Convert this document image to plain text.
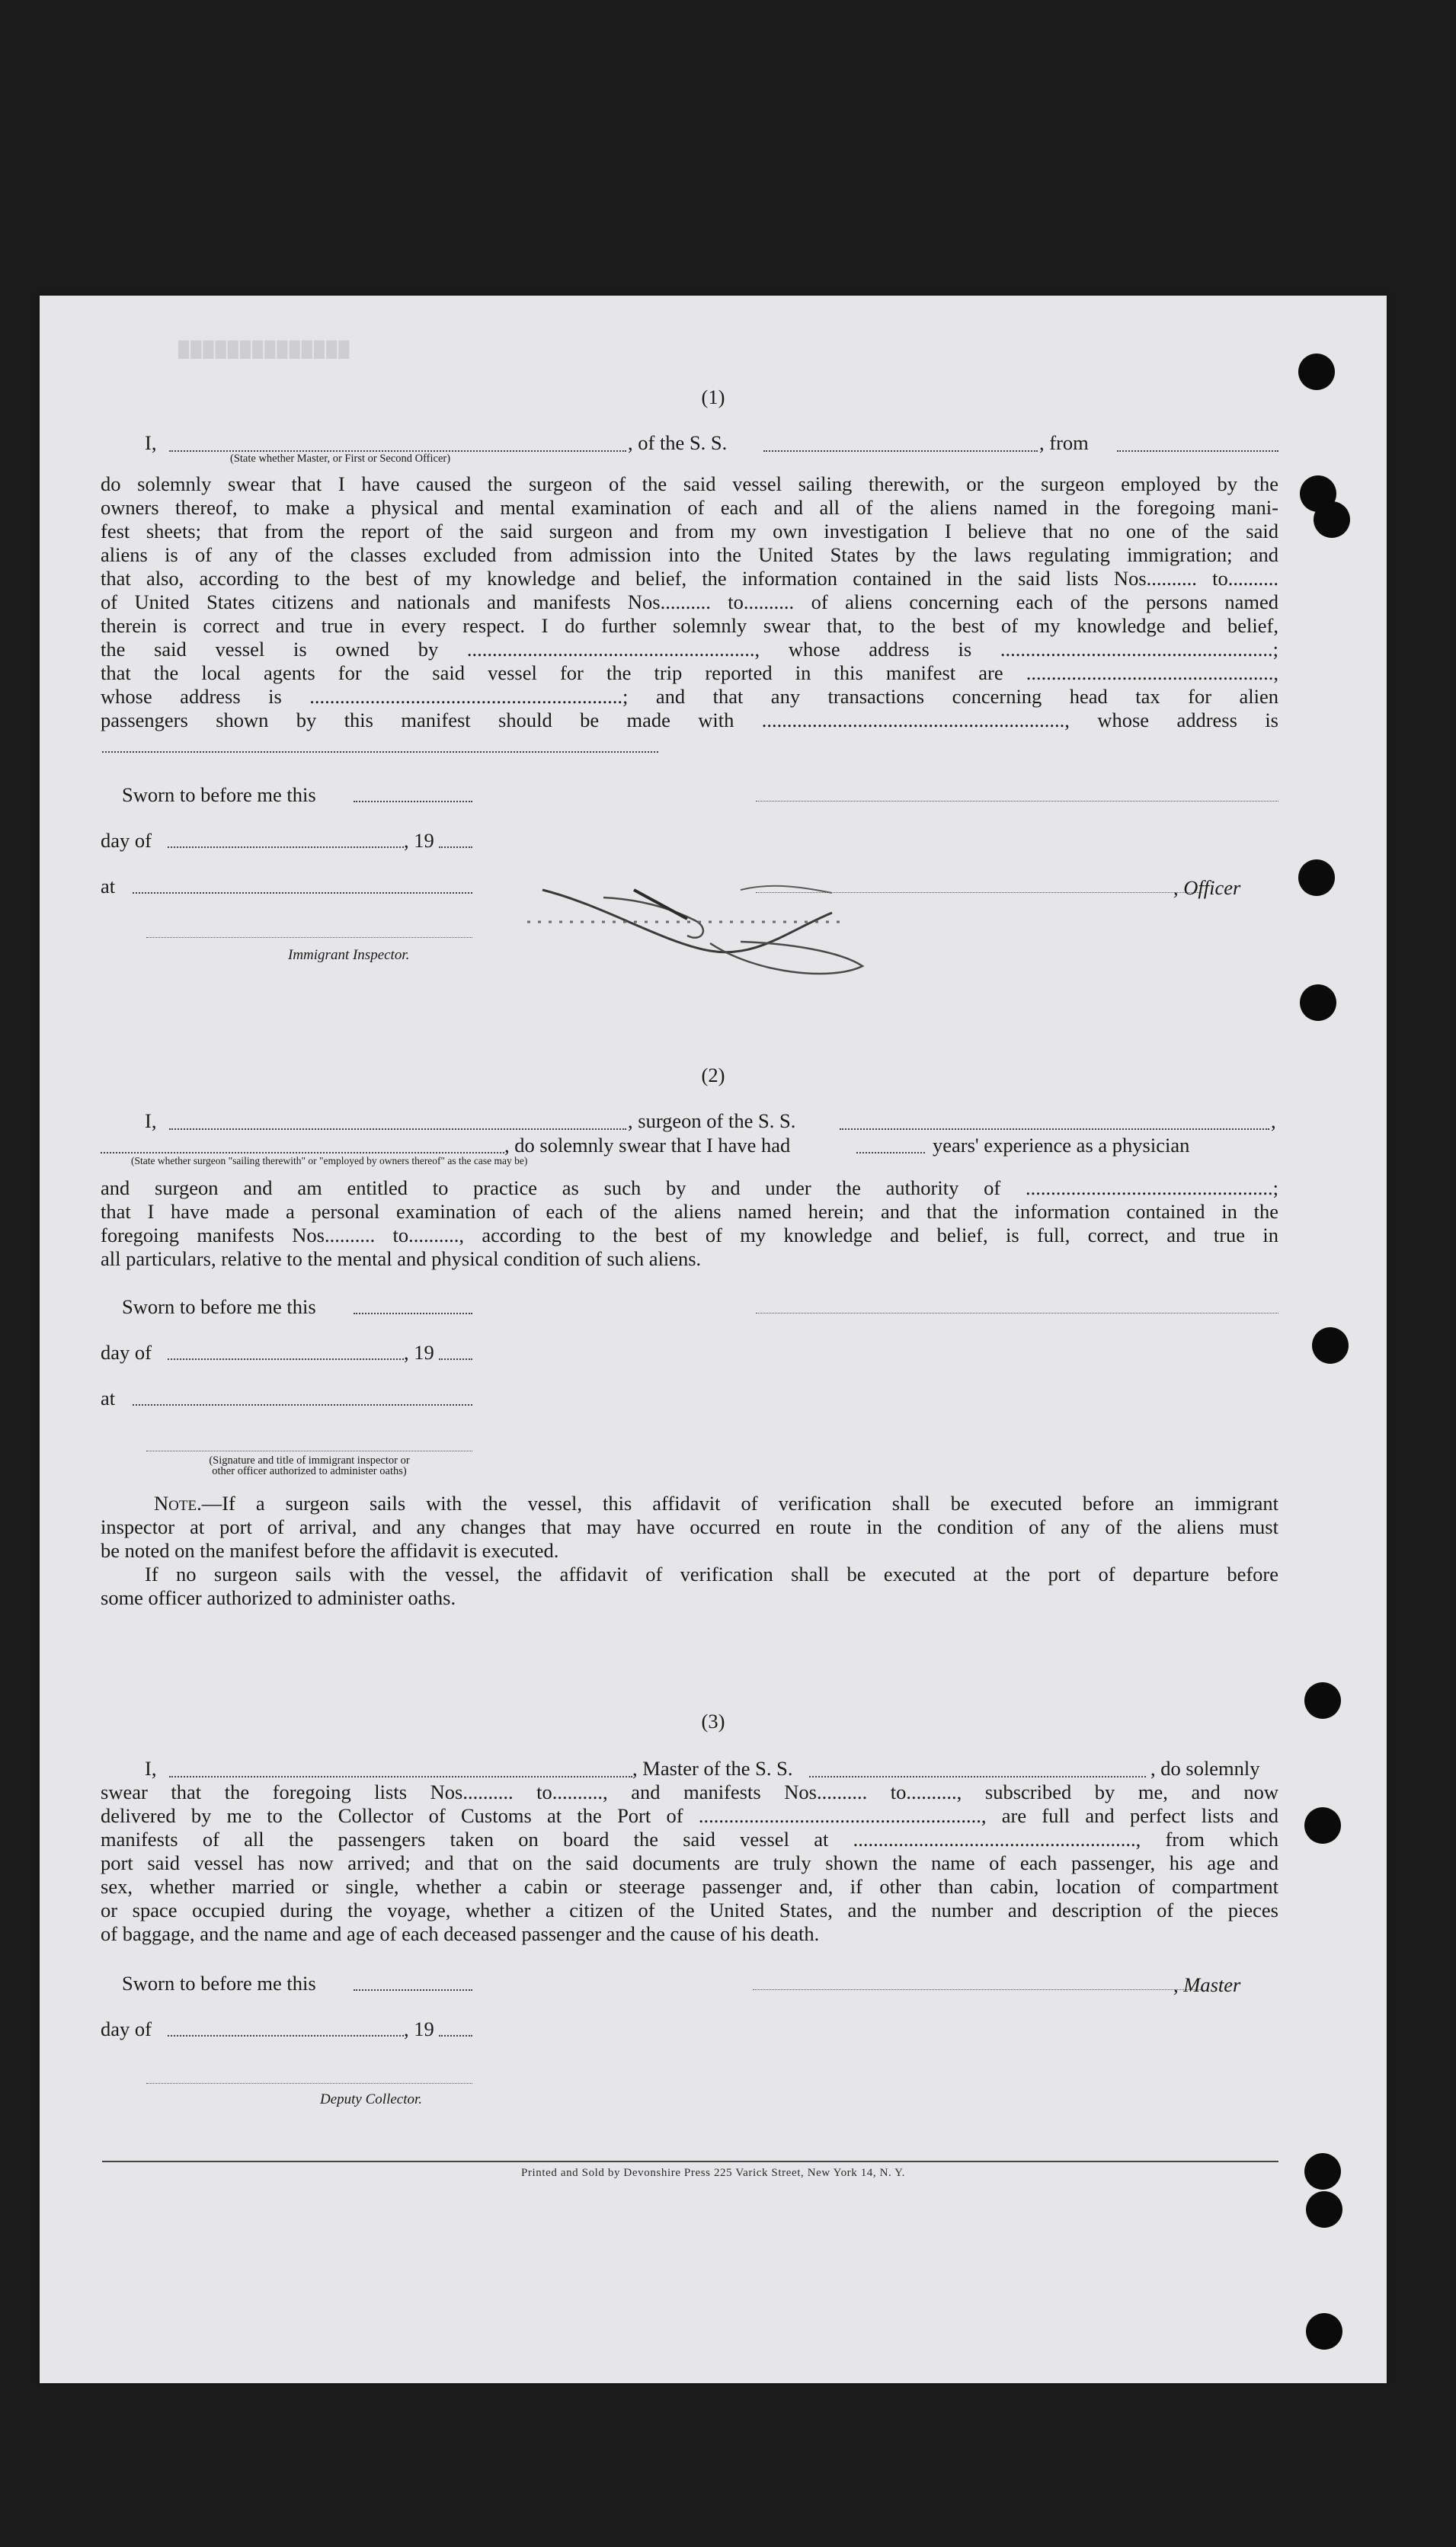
██████████████
(1)
I,	, of the S. S.	, from
(State whether Master, or First or Second Officer)
do solemnly swear that I have caused the surgeon of the said vessel sailing therewith, or the surgeon employed by the
owners thereof, to make a physical and mental examination of each and all of the aliens named in the foregoing mani-
fest sheets; that from the report of the said surgeon and from my own investigation I believe that no one of the said
aliens is of any of the classes excluded from admission into the United States by the laws regulating immigration; and
that also, according to the best of my knowledge and belief, the information contained in the said lists Nos.......... to..........
of United States citizens and nationals and manifests Nos.......... to.......... of aliens concerning each of the persons named
therein is correct and true in every respect. I do further solemnly swear that, to the best of my knowledge and belief,
the said vessel is owned by ........................................................., whose address is ......................................................;
that the local agents for the said vessel for the trip reported in this manifest are .................................................,
whose address is ..............................................................; and that any transactions concerning head tax for alien
passengers shown by this manifest should be made with ............................................................, whose address is
Sworn to before me this
day of	, 19
at	, Officer
Immigrant Inspector.
(2)
I,	, surgeon of the S. S.	,
, do solemnly swear that I have had	years' experience as a physician
(State whether surgeon "sailing therewith" or "employed by owners thereof" as the case may be)
and surgeon and am entitled to practice as such by and under the authority of .................................................;
that I have made a personal examination of each of the aliens named herein; and that the information contained in the
foregoing manifests Nos.......... to.........., according to the best of my knowledge and belief, is full, correct, and true in
all particulars, relative to the mental and physical condition of such aliens.
Sworn to before me this
day of	, 19
at
(Signature and title of immigrant inspector or
other officer authorized to administer oaths)
Note.—If a surgeon sails with the vessel, this affidavit of verification shall be executed before an immigrant
inspector at port of arrival, and any changes that may have occurred en route in the condition of any of the aliens must
be noted on the manifest before the affidavit is executed.
If no surgeon sails with the vessel, the affidavit of verification shall be executed at the port of departure before
some officer authorized to administer oaths.
(3)
I,	, Master of the S. S.	, do solemnly
swear that the foregoing lists Nos.......... to.........., and manifests Nos.......... to.........., subscribed by me, and now
delivered by me to the Collector of Customs at the Port of ........................................................, are full and perfect lists and
manifests of all the passengers taken on board the said vessel at ........................................................, from which
port said vessel has now arrived; and that on the said documents are truly shown the name of each passenger, his age and
sex, whether married or single, whether a cabin or steerage passenger and, if other than cabin, location of compartment
or space occupied during the voyage, whether a citizen of the United States, and the number and description of the pieces
of baggage, and the name and age of each deceased passenger and the cause of his death.
Sworn to before me this	, Master
day of	, 19
Deputy Collector.
Printed and Sold by Devonshire Press 225 Varick Street, New York 14, N. Y.
